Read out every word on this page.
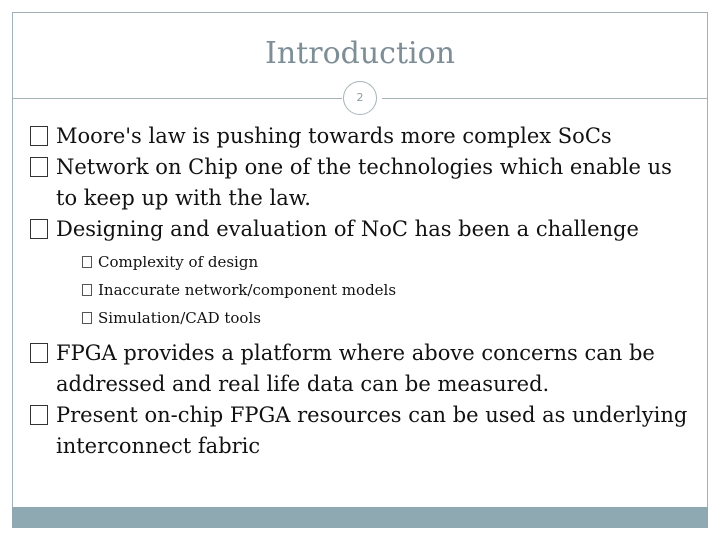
Introduction
2

Moore's law is pushing towards more complex SoCs

Network on Chip one of the technologies which enable us to keep up with the law.

Designing and evaluation of NoC has been a challenge

Complexity of design
Inaccurate network/component models
Simulation/CAD tools

FPGA provides a platform where above concerns can be addressed and real life data can be measured.

Present on-chip FPGA resources can be used as underlying interconnect fabric
